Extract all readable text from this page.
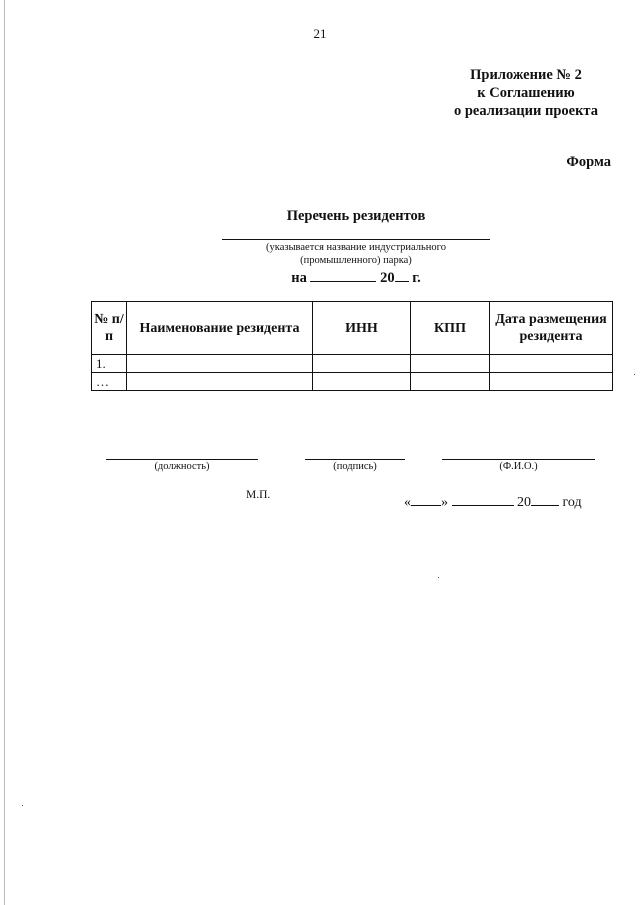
21
Приложение № 2
к Соглашению
о реализации проекта
Форма
Перечень резидентов
(указывается название индустриального
(промышленного) парка)
на	20 г.
№ п/п	Наименование резидента	ИНН	КПП	Дата размещения резидента
1.				
…				
(должность)	(подпись)	(Ф.И.О.)
М.П.	« »	20 год
